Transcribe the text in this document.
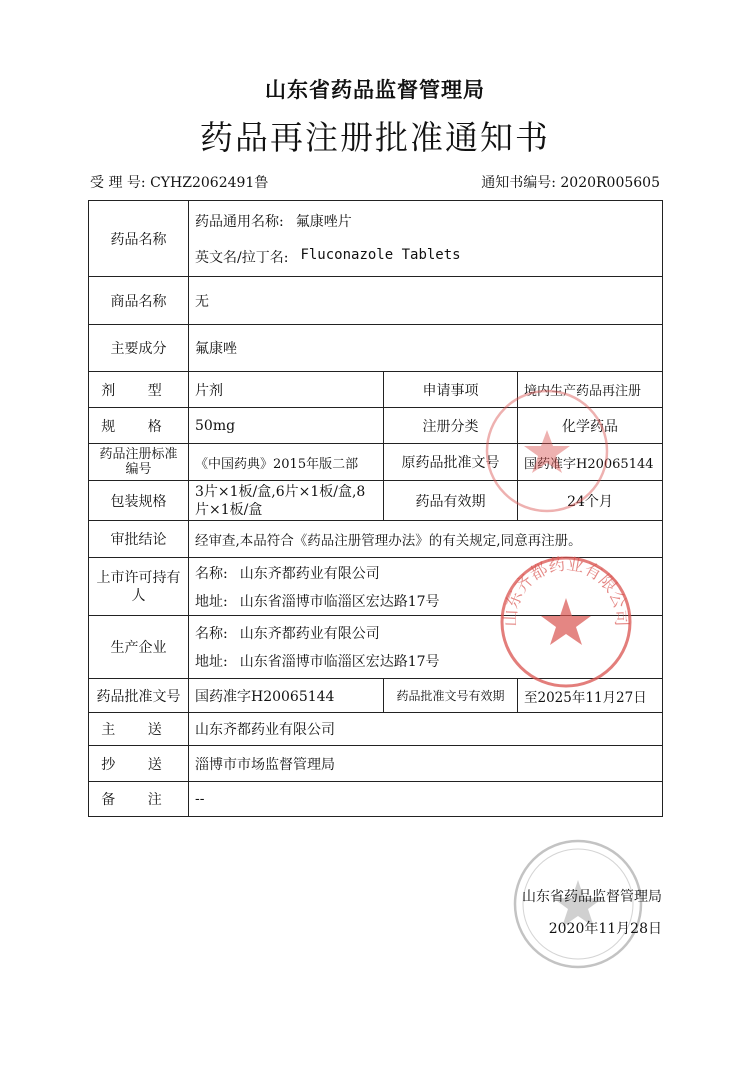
山东省药品监督管理局
药品再注册批准通知书
受 理 号: CYHZ2062491鲁	通知书编号: 2020R005605
药品名称	药品通用名称: 氟康唑片
英文名/拉丁名: Fluconazole Tablets		

商品名称	无		
主要成分	氟康唑		
剂 型	片剂	申请事项	境内生产药品再注册
规 格	50mg	注册分类	化学药品
药品注册标准编号	《中国药典》2015年版二部	原药品批准文号	国药准字H20065144
包装规格	3片×1板/盒,6片×1板/盒,8片×1板/盒	药品有效期	24个月
审批结论	经审查,本品符合《药品注册管理办法》的有关规定,同意再注册。		
上市许可持有人	名称: 山东齐都药业有限公司
地址: 山东省淄博市临淄区宏达路17号		

生产企业	名称: 山东齐都药业有限公司
地址: 山东省淄博市临淄区宏达路17号		

药品批准文号	国药准字H20065144	药品批准文号有效期	至2025年11月27日
主 送	山东齐都药业有限公司		
抄 送	淄博市市场监督管理局		
备 注	--		
山东齐都药业有限公司
山东省药品监督管理局
2020年11月28日
